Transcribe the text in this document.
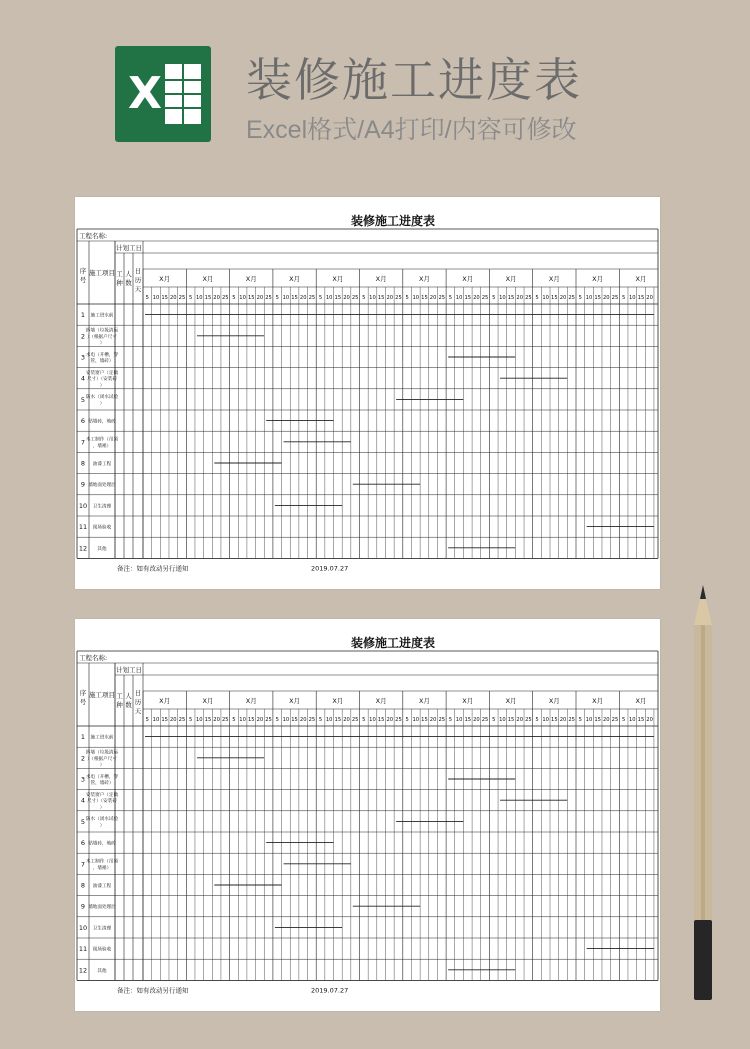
X 装修施工进度表
Excel格式/A4打印/内容可修改
装修施工进度表
工程名称:
计划工日
序
号
施工项目 工
种
人
数
日
历
天
X月
5 10 15 20 25
X月
5 10 15 20 25
X月
5 10 15 20 25
X月
5 10 15 20 25
X月
5 10 15 20 25
X月
5 10 15 20 25
X月
5 10 15 20 25
X月
5 10 15 20 25
X月
5 10 15 20 25
X月
5 10 15 20 25
X月
5 10 15 20 25
X月
5 10 15 20
1 施工进水前
2
拆墙（垃圾清运
）（根据户尺寸
）
3 水电（开槽，穿
管，墙砖）
4
安装窗户（定做
尺寸）（安装砖
）
5 防水（闭水试验
）
6 贴墙砖，地砖
7 木工制作（吊顶
，墙裙）
8 油漆工程
9 墙地面处理层
10 卫生清理
11 现场验收
12 其他
备注：如有改动另行通知	2019.07.27
装修施工进度表
工程名称:
计划工日
序
号
施工项目 工
种
人
数
日
历
天
X月
5 10 15 20 25
X月
5 10 15 20 25
X月
5 10 15 20 25
X月
5 10 15 20 25
X月
5 10 15 20 25
X月
5 10 15 20 25
X月
5 10 15 20 25
X月
5 10 15 20 25
X月
5 10 15 20 25
X月
5 10 15 20 25
X月
5 10 15 20 25
X月
5 10 15 20
1 施工进水前
2
拆墙（垃圾清运
）（根据户尺寸
）
3 水电（开槽，穿
管，墙砖）
4
安装窗户（定做
尺寸）（安装砖
）
5 防水（闭水试验
）
6 贴墙砖，地砖
7 木工制作（吊顶
，墙裙）
8 油漆工程
9 墙地面处理层
10 卫生清理
11 现场验收
12 其他
备注：如有改动另行通知	2019.07.27
